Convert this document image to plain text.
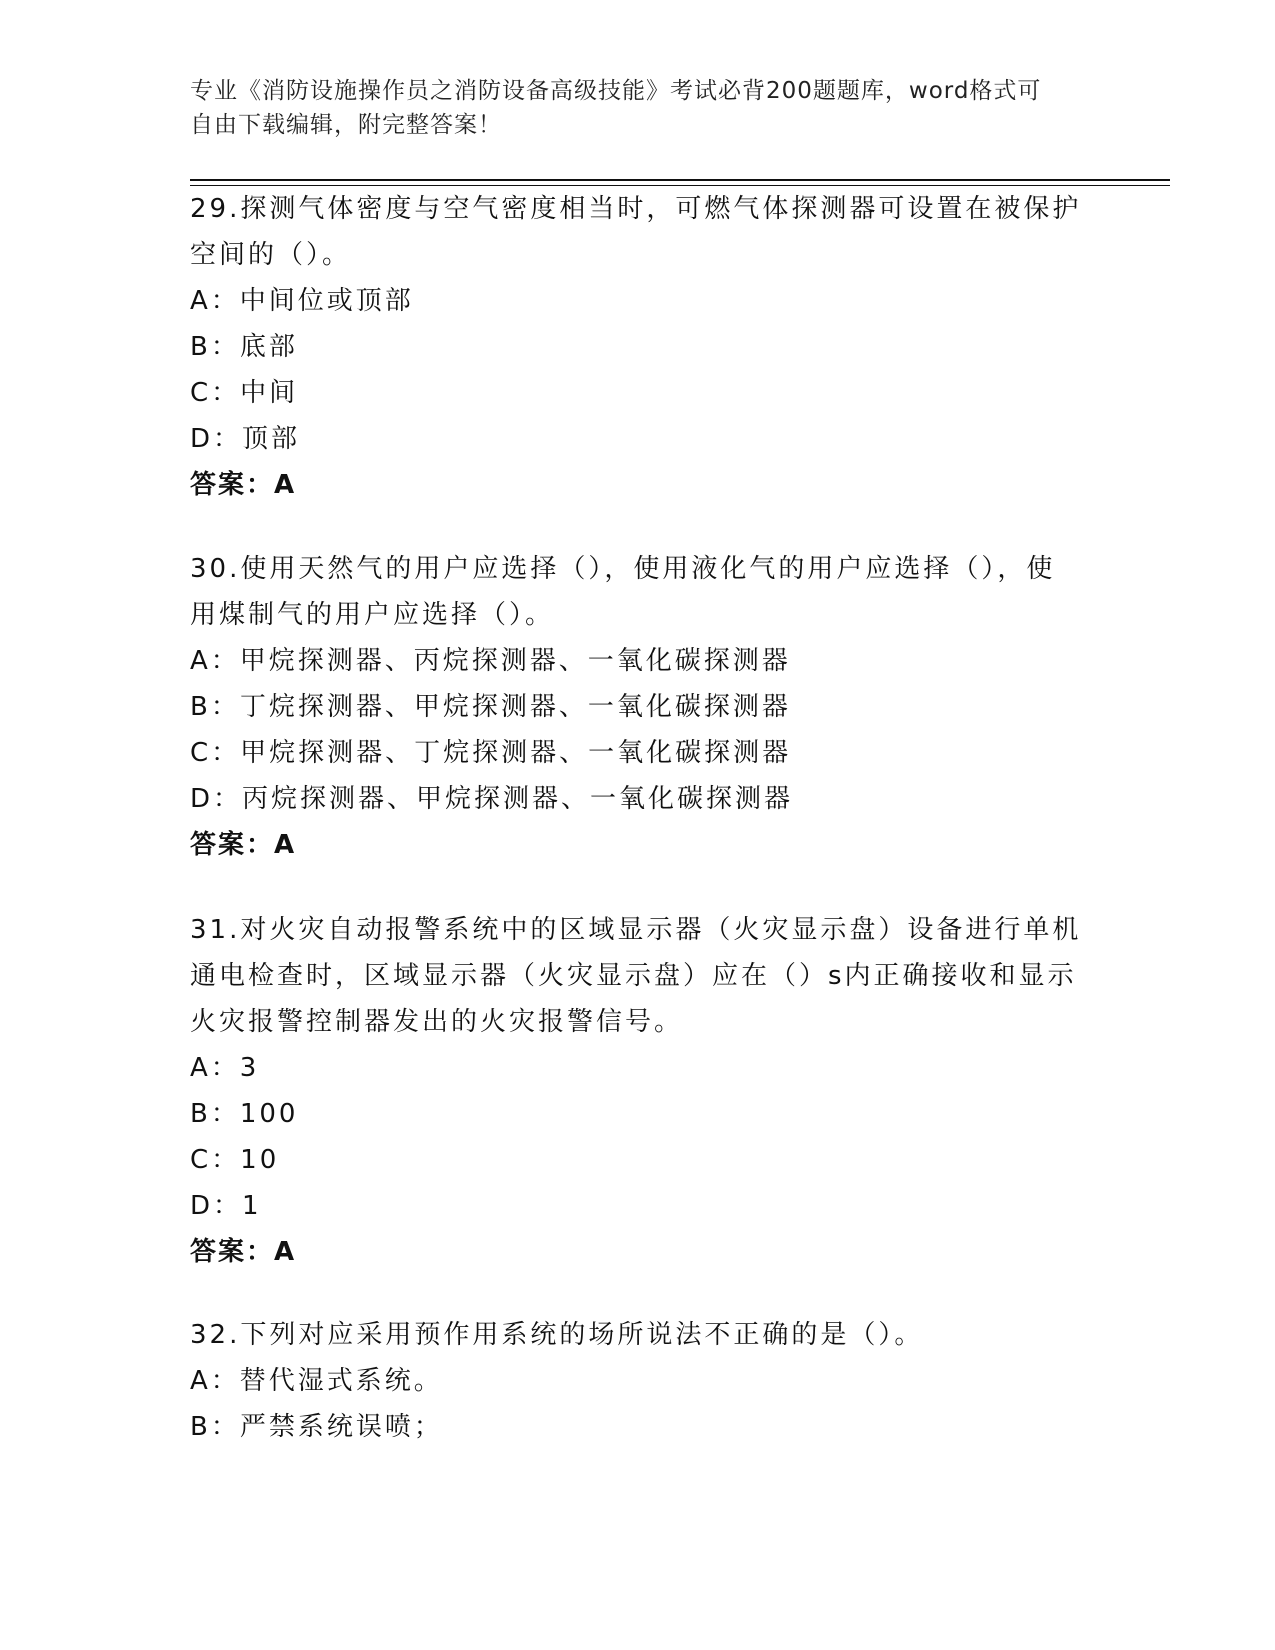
专业《消防设施操作员之消防设备高级技能》考试必背200题题库，word格式可

自由下载编辑，附完整答案！

29.探测气体密度与空气密度相当时，可燃气体探测器可设置在被保护

空间的（）。

A：中间位或顶部

B：底部

C：中间

D：顶部

答案：A

30.使用天然气的用户应选择（），使用液化气的用户应选择（），使

用煤制气的用户应选择（）。

A：甲烷探测器、丙烷探测器、一氧化碳探测器

B：丁烷探测器、甲烷探测器、一氧化碳探测器

C：甲烷探测器、丁烷探测器、一氧化碳探测器

D：丙烷探测器、甲烷探测器、一氧化碳探测器

答案：A

31.对火灾自动报警系统中的区域显示器（火灾显示盘）设备进行单机

通电检查时，区域显示器（火灾显示盘）应在（）s内正确接收和显示

火灾报警控制器发出的火灾报警信号。

A：3

B：100

C：10

D：1

答案：A

32.下列对应采用预作用系统的场所说法不正确的是（）。

A：替代湿式系统。

B：严禁系统误喷；
